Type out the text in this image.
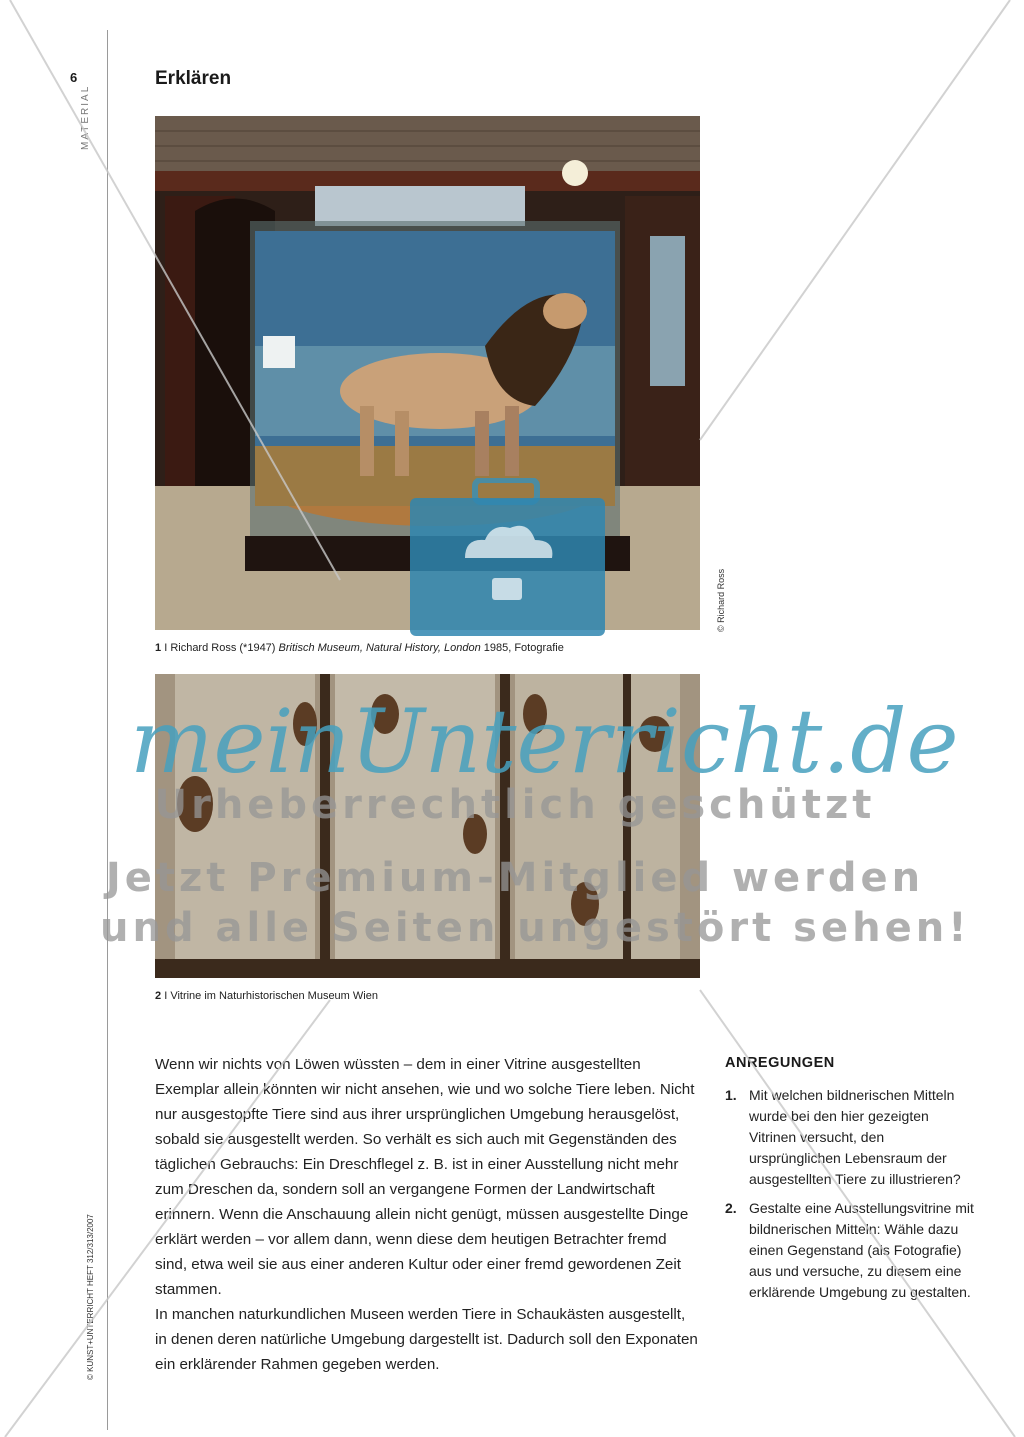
6
MATERIAL
© KUNST+UNTERRICHT HEFT 312/313/2007
Erklären
© Richard Ross
1 I Richard Ross (*1947) Britisch Museum, Natural History, London 1985, Fotografie
2 I Vitrine im Naturhistorischen Museum Wien

Wenn wir nichts von Löwen wüssten – dem in einer Vitrine ausgestellten Exemplar allein könnten wir nicht ansehen, wie und wo solche Tiere leben. Nicht nur ausgestopfte Tiere sind aus ihrer ursprünglichen Umgebung herausgelöst, sobald sie ausgestellt werden. So verhält es sich auch mit Gegenständen des täglichen Gebrauchs: Ein Dreschflegel z. B. ist in einer Ausstellung nicht mehr zum Dreschen da, sondern soll an vergangene Formen der Landwirtschaft erinnern. Wenn die Anschauung allein nicht genügt, müssen ausgestellte Dinge erklärt werden – vor allem dann, wenn diese dem heutigen Betrachter fremd sind, etwa weil sie aus einer anderen Kultur oder einer fremd gewordenen Zeit stammen.

In manchen naturkundlichen Museen werden Tiere in Schaukästen ausgestellt, in denen deren natürliche Umgebung dargestellt ist. Dadurch soll den Exponaten ein erklärender Rahmen gegeben werden.

ANREGUNGEN
1. Mit welchen bildnerischen Mitteln wurde bei den hier gezeigten Vitrinen versucht, den ursprünglichen Lebensraum der ausgestellten Tiere zu illustrieren?
2. Gestalte eine Ausstellungsvitrine mit bildnerischen Mitteln: Wähle dazu einen Gegenstand (als Fotografie) aus und versuche, zu diesem eine erklärende Umgebung zu gestalten.
meinUnterricht.de
Urheberrechtlich geschützt
Jetzt Premium-Mitglied werden
und alle Seiten ungestört sehen!
